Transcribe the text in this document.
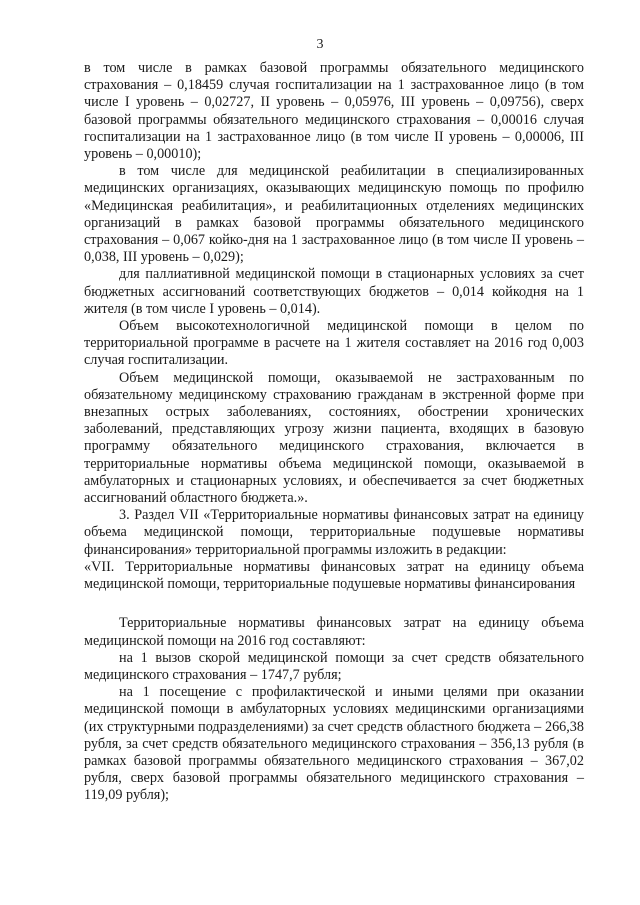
3

в том числе в рамках базовой программы обязательного медицинского страхования – 0,18459 случая госпитализации на 1 застрахованное лицо (в том числе I уровень – 0,02727, II уровень – 0,05976, III уровень – 0,09756), сверх базовой программы обязательного медицинского страхования – 0,00016 случая госпитализации на 1 застрахованное лицо (в том числе II уровень – 0,00006, III уровень – 0,00010);

в том числе для медицинской реабилитации в специализированных медицинских организациях, оказывающих медицинскую помощь по профилю «Медицинская реабилитация», и реабилитационных отделениях медицинских организаций в рамках базовой программы обязательного медицинского страхования – 0,067 койко-дня на 1 застрахованное лицо (в том числе II уровень – 0,038, III уровень – 0,029);

для паллиативной медицинской помощи в стационарных условиях за счет бюджетных ассигнований соответствующих бюджетов – 0,014 койкодня на 1 жителя (в том числе I уровень – 0,014).

Объем высокотехнологичной медицинской помощи в целом по территориальной программе в расчете на 1 жителя составляет на 2016 год 0,003 случая госпитализации.

Объем медицинской помощи, оказываемой не застрахованным по обязательному медицинскому страхованию гражданам в экстренной форме при внезапных острых заболеваниях, состояниях, обострении хронических заболеваний, представляющих угрозу жизни пациента, входящих в базовую программу обязательного медицинского страхования, включается в территориальные нормативы объема медицинской помощи, оказываемой в амбулаторных и стационарных условиях, и обеспечивается за счет бюджетных ассигнований областного бюджета.».

3. Раздел VII «Территориальные нормативы финансовых затрат на единицу объема медицинской помощи, территориальные подушевые нормативы финансирования» территориальной программы изложить в редакции:

«VII. Территориальные нормативы финансовых затрат на единицу объема медицинской помощи, территориальные подушевые нормативы финансирования

Территориальные нормативы финансовых затрат на единицу объема медицинской помощи на 2016 год составляют:

на 1 вызов скорой медицинской помощи за счет средств обязательного медицинского страхования – 1747,7 рубля;

на 1 посещение с профилактической и иными целями при оказании медицинской помощи в амбулаторных условиях медицинскими организациями (их структурными подразделениями) за счет средств областного бюджета – 266,38 рубля, за счет средств обязательного медицинского страхования – 356,13 рубля (в рамках базовой программы обязательного медицинского страхования – 367,02 рубля, сверх базовой программы обязательного медицинского страхования – 119,09 рубля);
